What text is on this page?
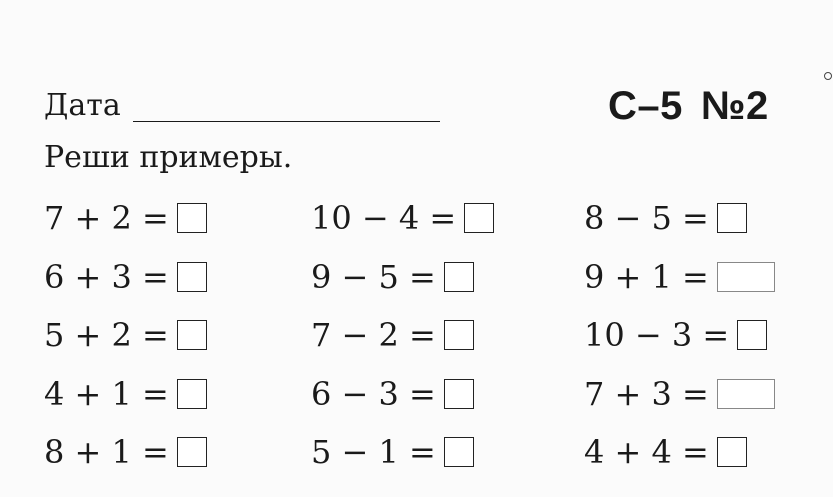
Дата	С–5 №2
Реши примеры.
7 + 2 =
6 + 3 =
5 + 2 =
4 + 1 =
8 + 1 =
10 − 4 =
9 − 5 =
7 − 2 =
6 − 3 =
5 − 1 =
8 − 5 =
9 + 1 =
10 − 3 =
7 + 3 =
4 + 4 =
